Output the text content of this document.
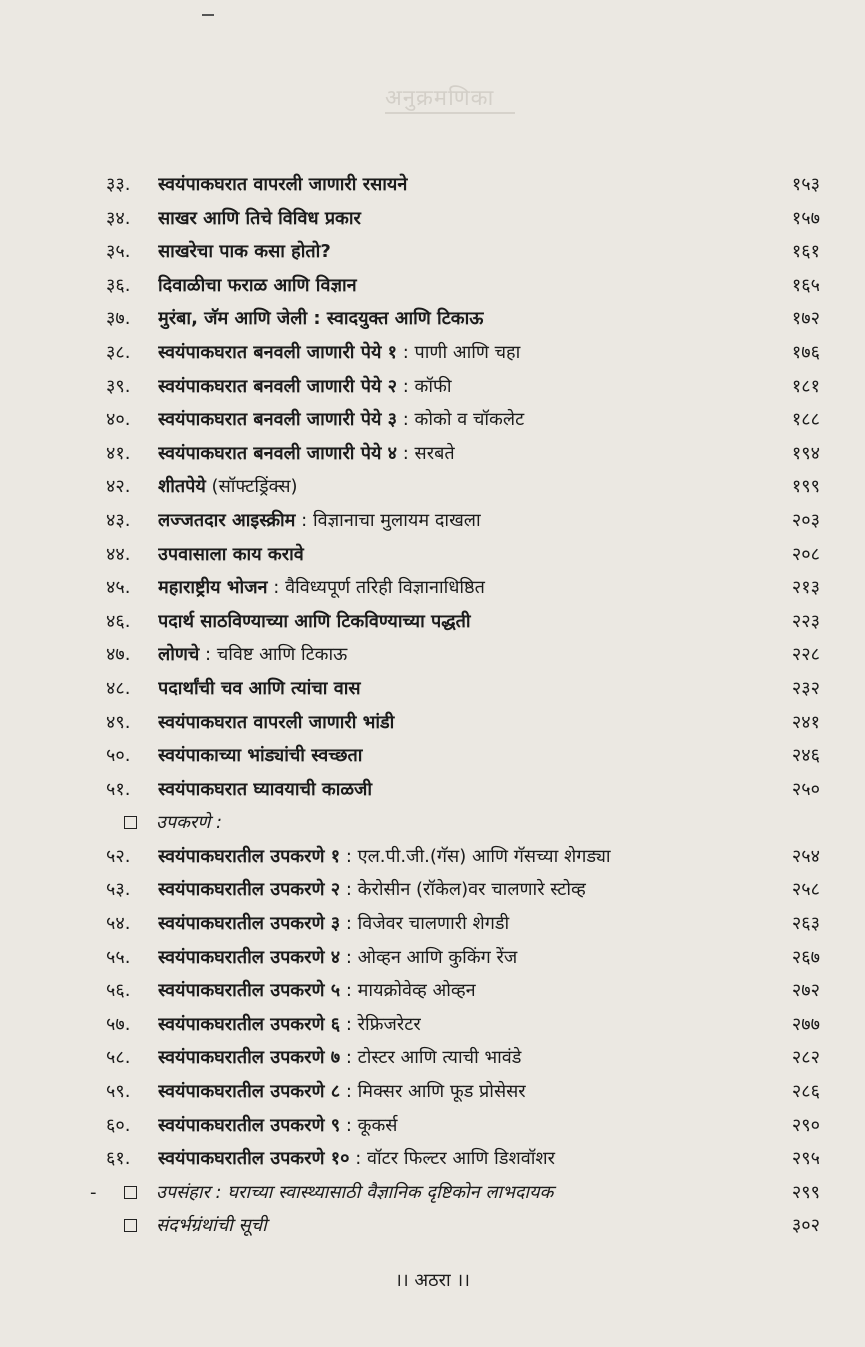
अनुक्रमणिका
३३.	स्वयंपाकघरात वापरली जाणारी रसायने	१५३
३४.	साखर आणि तिचे विविध प्रकार	१५७
३५.	साखरेचा पाक कसा होतो?	१६१
३६.	दिवाळीचा फराळ आणि विज्ञान	१६५
३७.	मुरंबा, जॅम आणि जेली : स्वादयुक्त आणि टिकाऊ	१७२
३८.	स्वयंपाकघरात बनवली जाणारी पेये १ : पाणी आणि चहा	१७६
३९.	स्वयंपाकघरात बनवली जाणारी पेये २ : कॉफी	१८१
४०.	स्वयंपाकघरात बनवली जाणारी पेये ३ : कोको व चॉकलेट	१८८
४१.	स्वयंपाकघरात बनवली जाणारी पेये ४ : सरबते	१९४
४२.	शीतपेये (सॉफ्टड्रिंक्स)	१९९
४३.	लज्जतदार आइस्क्रीम : विज्ञानाचा मुलायम दाखला	२०३
४४.	उपवासाला काय करावे	२०८
४५.	महाराष्ट्रीय भोजन : वैविध्यपूर्ण तरिही विज्ञानाधिष्ठित	२१३
४६.	पदार्थ साठविण्याच्या आणि टिकविण्याच्या पद्धती	२२३
४७.	लोणचे : चविष्ट आणि टिकाऊ	२२८
४८.	पदार्थांची चव आणि त्यांचा वास	२३२
४९.	स्वयंपाकघरात वापरली जाणारी भांडी	२४१
५०.	स्वयंपाकाच्या भांड्यांची स्वच्छता	२४६
५१.	स्वयंपाकघरात घ्यावयाची काळजी	२५०
उपकरणे :
५२.	स्वयंपाकघरातील उपकरणे १ : एल.पी.जी.(गॅस) आणि गॅसच्या शेगड्या	२५४
५३.	स्वयंपाकघरातील उपकरणे २ : केरोसीन (रॉकेल)वर चालणारे स्टोव्ह	२५८
५४.	स्वयंपाकघरातील उपकरणे ३ : विजेवर चालणारी शेगडी	२६३
५५.	स्वयंपाकघरातील उपकरणे ४ : ओव्हन आणि कुकिंग रेंज	२६७
५६.	स्वयंपाकघरातील उपकरणे ५ : मायक्रोवेव्ह ओव्हन	२७२
५७.	स्वयंपाकघरातील उपकरणे ६ : रेफ्रिजरेटर	२७७
५८.	स्वयंपाकघरातील उपकरणे ७ : टोस्टर आणि त्याची भावंडे	२८२
५९.	स्वयंपाकघरातील उपकरणे ८ : मिक्सर आणि फूड प्रोसेसर	२८६
६०.	स्वयंपाकघरातील उपकरणे ९ : कूकर्स	२९०
६१.	स्वयंपाकघरातील उपकरणे १० : वॉटर फिल्टर आणि डिशवॉशर	२९५
-	उपसंहार : घराच्या स्वास्थ्यासाठी वैज्ञानिक दृष्टिकोन लाभदायक	२९९
संदर्भग्रंथांची सूची	३०२
।। अठरा ।।
